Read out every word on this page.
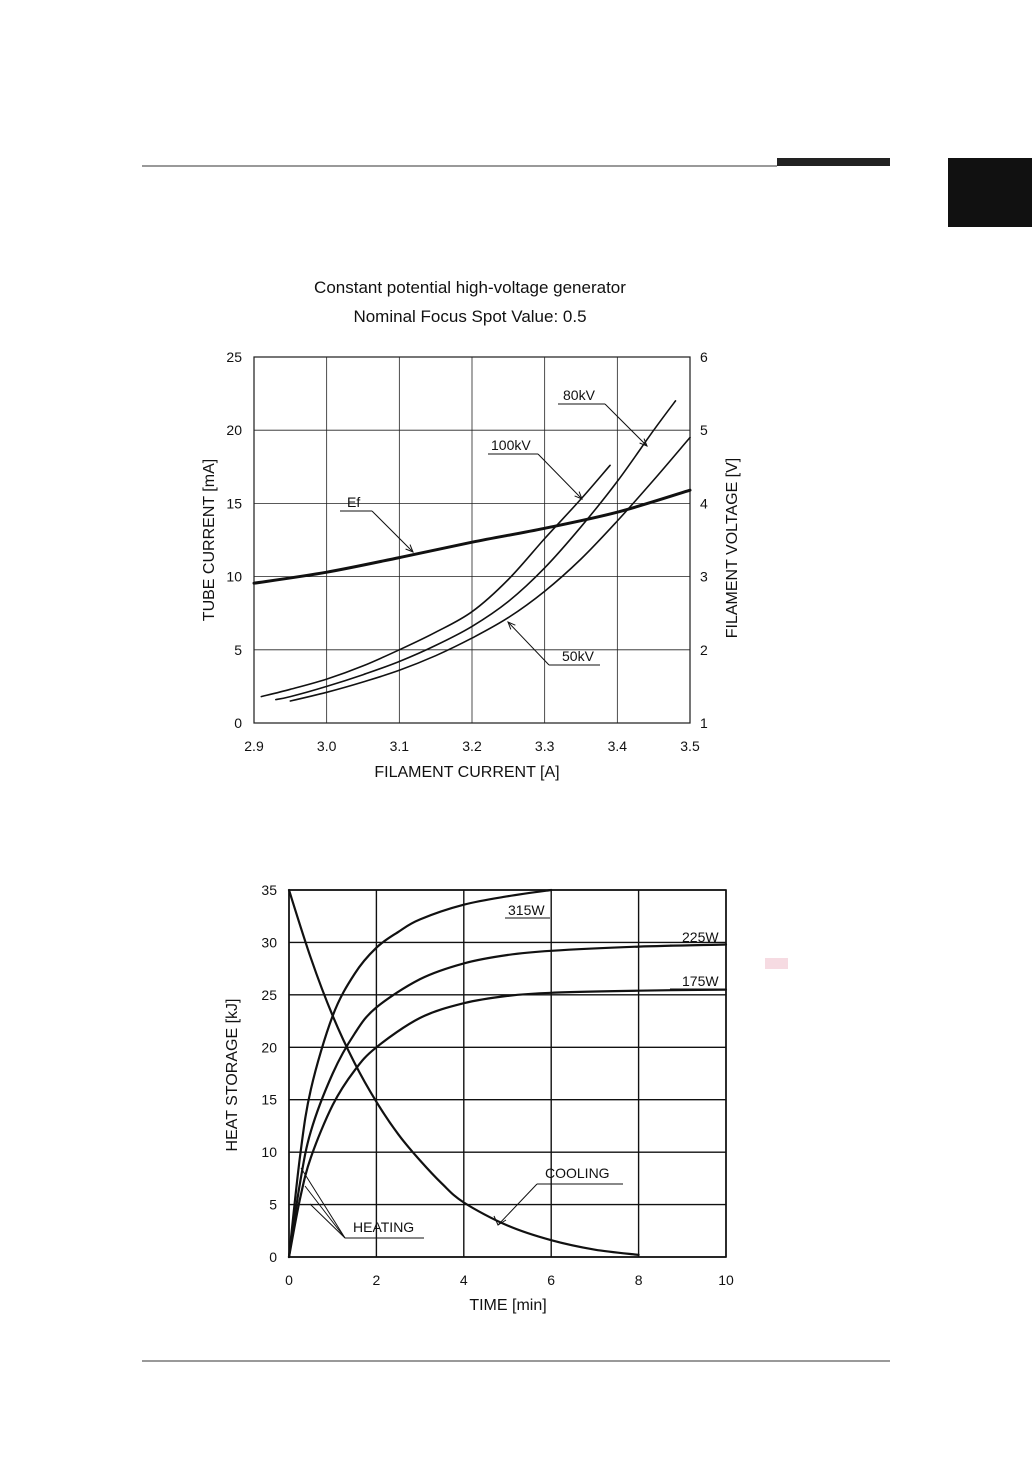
Constant potential high-voltage generator
Nominal Focus Spot Value: 0.5
2.9	3.0	3.1	3.2	3.3	3.4	3.5
0
5
10
15
20
25
1
2
3
4
5
6
100kV
80kV
50kV
Ef
FILAMENT CURRENT [A]
TUBE CURRENT [mA]	FILAMENT VOLTAGE [V]
0	2	4	6	8	10
0
5
10
15
20
25
30
35
315W
225W
175W
HEATING
COOLING
TIME [min]
HEAT STORAGE [kJ]
